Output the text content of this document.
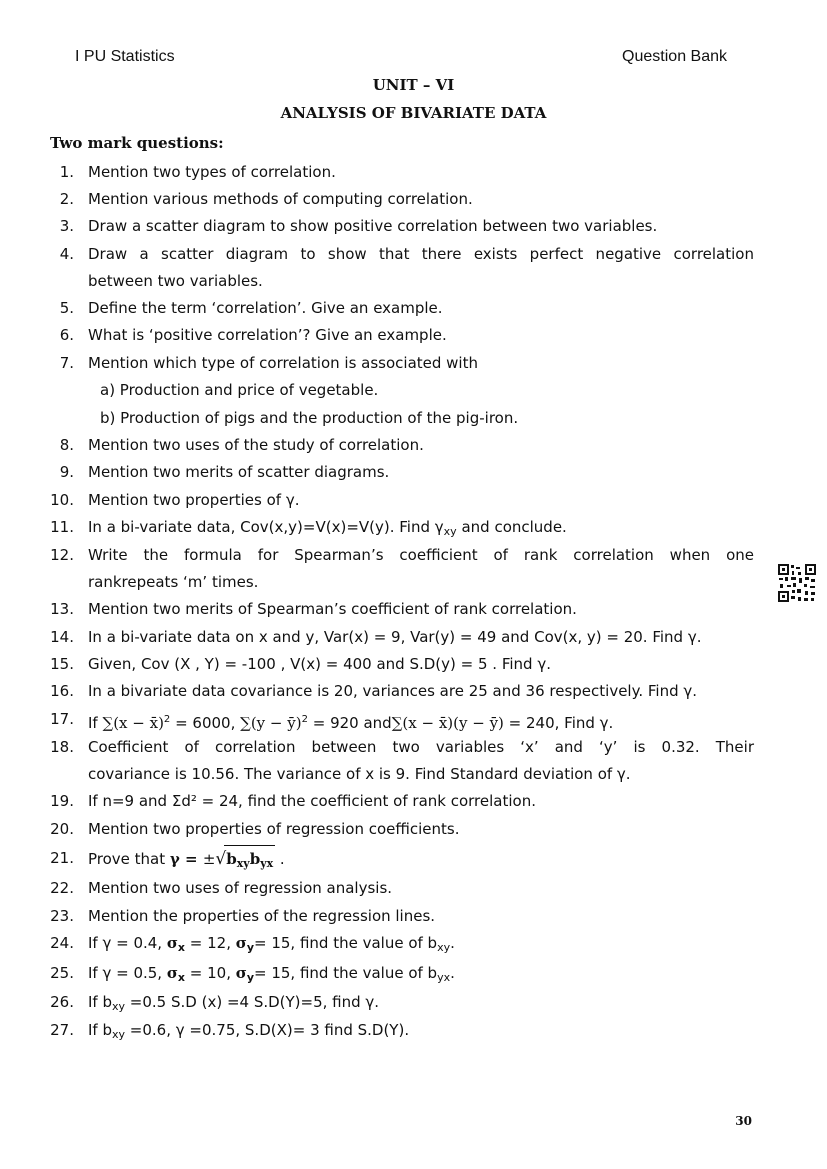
I PU Statistics	Question Bank
UNIT – VI
ANALYSIS OF BIVARIATE DATA
Two mark questions:
1. Mention two types of correlation.
2. Mention various methods of computing correlation.
3. Draw a scatter diagram to show positive correlation between two variables.
4. Draw a scatter diagram to show that there exists perfect negative correlation
between two variables.
5. Define the term ‘correlation’. Give an example.
6. What is ‘positive correlation’? Give an example.
7. Mention which type of correlation is associated with
a) Production and price of vegetable.
b) Production of pigs and the production of the pig-iron.
8. Mention two uses of the study of correlation.
9. Mention two merits of scatter diagrams.
10. Mention two properties of γ.
11. In a bi-variate data, Cov(x,y)=V(x)=V(y). Find $\gamma_{xy}$ and conclude.
12. Write the formula for Spearman’s coefficient of rank correlation when one
rankrepeats ‘m’ times.
13. Mention two merits of Spearman’s coefficient of rank correlation.
14. In a bi-variate data on x and y, Var(x) = 9, Var(y) = 49 and Cov(x, y) = 20. Find γ.
15. Given, Cov (X , Y) = -100 , V(x) = 400 and S.D(y) = 5 . Find γ.
16. In a bivariate data covariance is 20, variances are 25 and 36 respectively. Find γ.
17. If ∑(x − x̄)$^2$ = 6000, ∑(y − ȳ)$^2$ = 920 and∑(x − x̄)(y − ȳ) = 240, Find γ.
18. Coefficient of correlation between two variables ‘x’ and ‘y’ is 0.32. Their
covariance is 10.56. The variance of x is 9. Find Standard deviation of γ.
19. If n=9 and Σd² = 24, find the coefficient of rank correlation.
20. Mention two properties of regression coefficients.
21. Prove that $\gamma = \pm√b_{xy}b_{yx}$ .
22. Mention two uses of regression analysis.
23. Mention the properties of the regression lines.
24. If γ = 0.4, $\sigma_x = 12$, $\sigma_y= 15$, find the value of $b_{xy}$.
25. If γ = 0.5, $\sigma_x = 10$, $\sigma_y= 15$, find the value of $b_{yx}$.
26. If $b_{xy} =0.5$ S.D (x) =4 S.D(Y)=5, find γ.
27. If $b_{xy} =0.6$, γ =0.75, S.D(X)= 3 find S.D(Y).
30
